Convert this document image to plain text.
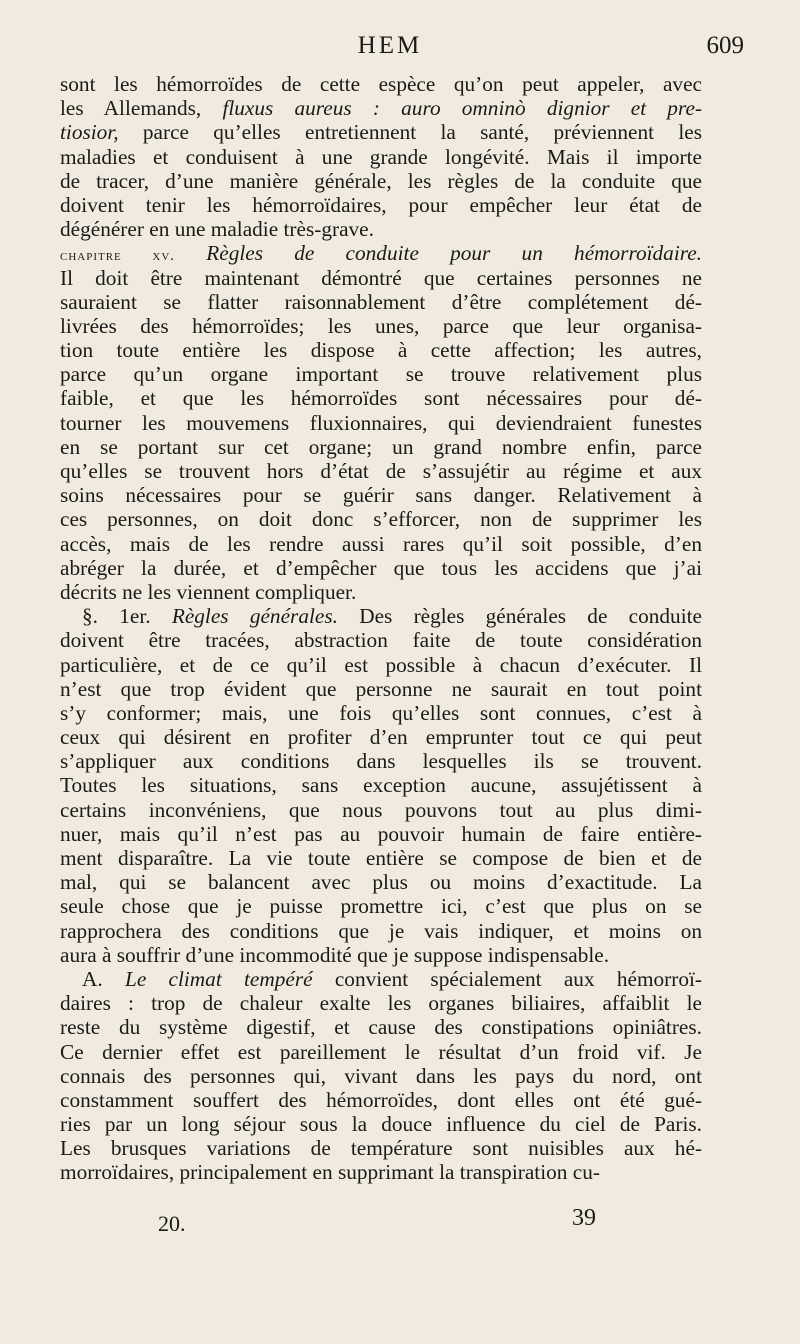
HEM	609
sont les hémorroïdes de cette espèce qu’on peut appeler, avec
les Allemands, fluxus aureus : auro omninò dignior et pre-
tiosior, parce qu’elles entretiennent la santé, préviennent les
maladies et conduisent à une grande longévité. Mais il importe
de tracer, d’une manière générale, les règles de la conduite que
doivent tenir les hémorroïdaires, pour empêcher leur état de
dégénérer en une maladie très-grave.
chapitre xv. Règles de conduite pour un hémorroïdaire.
Il doit être maintenant démontré que certaines personnes ne
sauraient se flatter raisonnablement d’être complétement dé-
livrées des hémorroïdes; les unes, parce que leur organisa-
tion toute entière les dispose à cette affection; les autres,
parce qu’un organe important se trouve relativement plus
faible, et que les hémorroïdes sont nécessaires pour dé-
tourner les mouvemens fluxionnaires, qui deviendraient funestes
en se portant sur cet organe; un grand nombre enfin, parce
qu’elles se trouvent hors d’état de s’assujétir au régime et aux
soins nécessaires pour se guérir sans danger. Relativement à
ces personnes, on doit donc s’efforcer, non de supprimer les
accès, mais de les rendre aussi rares qu’il soit possible, d’en
abréger la durée, et d’empêcher que tous les accidens que j’ai
décrits ne les viennent compliquer.
§. 1er. Règles générales. Des règles générales de conduite
doivent être tracées, abstraction faite de toute considération
particulière, et de ce qu’il est possible à chacun d’exécuter. Il
n’est que trop évident que personne ne saurait en tout point
s’y conformer; mais, une fois qu’elles sont connues, c’est à
ceux qui désirent en profiter d’en emprunter tout ce qui peut
s’appliquer aux conditions dans lesquelles ils se trouvent.
Toutes les situations, sans exception aucune, assujétissent à
certains inconvéniens, que nous pouvons tout au plus dimi-
nuer, mais qu’il n’est pas au pouvoir humain de faire entière-
ment disparaître. La vie toute entière se compose de bien et de
mal, qui se balancent avec plus ou moins d’exactitude. La
seule chose que je puisse promettre ici, c’est que plus on se
rapprochera des conditions que je vais indiquer, et moins on
aura à souffrir d’une incommodité que je suppose indispensable.
A. Le climat tempéré convient spécialement aux hémorroï-
daires : trop de chaleur exalte les organes biliaires, affaiblit le
reste du système digestif, et cause des constipations opiniâtres.
Ce dernier effet est pareillement le résultat d’un froid vif. Je
connais des personnes qui, vivant dans les pays du nord, ont
constamment souffert des hémorroïdes, dont elles ont été gué-
ries par un long séjour sous la douce influence du ciel de Paris.
Les brusques variations de température sont nuisibles aux hé-
morroïdaires, principalement en supprimant la transpiration cu-
20.	39
